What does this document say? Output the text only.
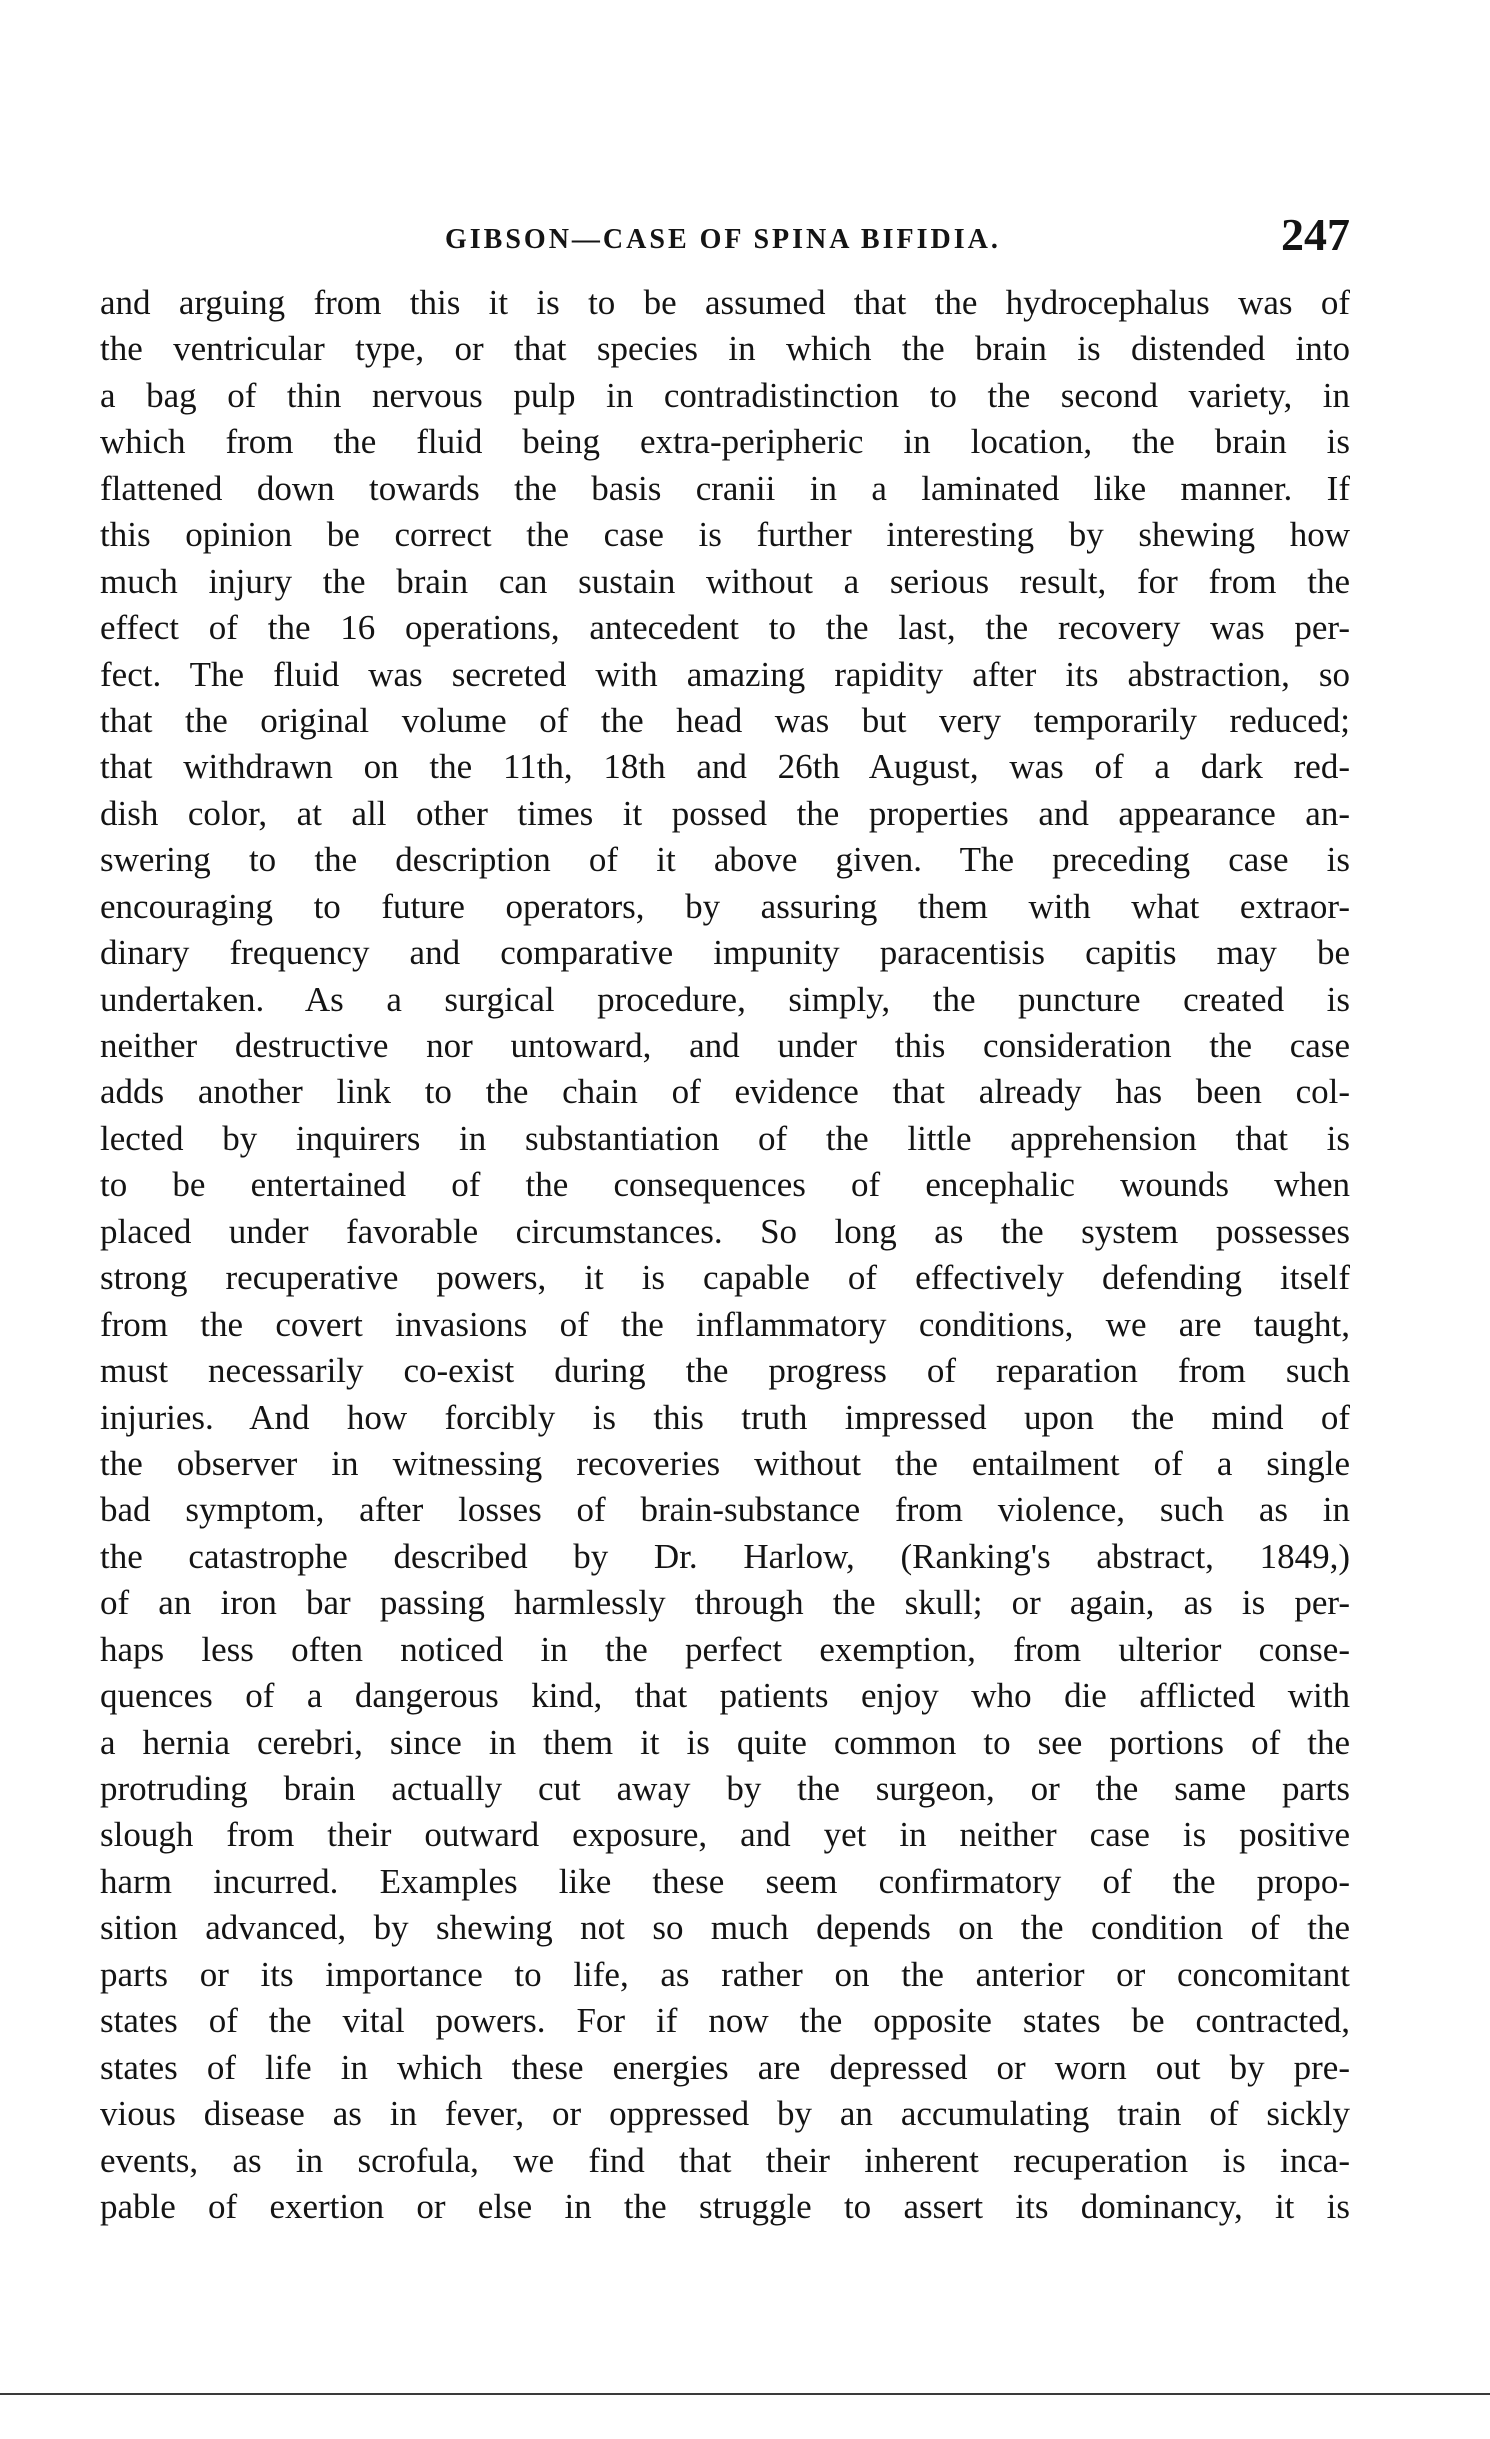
GIBSON—CASE OF SPINA BIFIDIA.	247
and arguing from this it is to be assumed that the hydrocephalus was of
the ventricular type, or that species in which the brain is distended into
a bag of thin nervous pulp in contradistinction to the second variety, in
which from the fluid being extra-peripheric in location, the brain is
flattened down towards the basis cranii in a laminated like manner. If
this opinion be correct the case is further interesting by shewing how
much injury the brain can sustain without a serious result, for from the
effect of the 16 operations, antecedent to the last, the recovery was per-
fect. The fluid was secreted with amazing rapidity after its abstraction, so
that the original volume of the head was but very temporarily reduced;
that withdrawn on the 11th, 18th and 26th August, was of a dark red-
dish color, at all other times it possed the properties and appearance an-
swering to the description of it above given. The preceding case is
encouraging to future operators, by assuring them with what extraor-
dinary frequency and comparative impunity paracentisis capitis may be
undertaken. As a surgical procedure, simply, the puncture created is
neither destructive nor untoward, and under this consideration the case
adds another link to the chain of evidence that already has been col-
lected by inquirers in substantiation of the little apprehension that is
to be entertained of the consequences of encephalic wounds when
placed under favorable circumstances. So long as the system possesses
strong recuperative powers, it is capable of effectively defending itself
from the covert invasions of the inflammatory conditions, we are taught,
must necessarily co-exist during the progress of reparation from such
injuries. And how forcibly is this truth impressed upon the mind of
the observer in witnessing recoveries without the entailment of a single
bad symptom, after losses of brain-substance from violence, such as in
the catastrophe described by Dr. Harlow, (Ranking's abstract, 1849,)
of an iron bar passing harmlessly through the skull; or again, as is per-
haps less often noticed in the perfect exemption, from ulterior conse-
quences of a dangerous kind, that patients enjoy who die afflicted with
a hernia cerebri, since in them it is quite common to see portions of the
protruding brain actually cut away by the surgeon, or the same parts
slough from their outward exposure, and yet in neither case is positive
harm incurred. Examples like these seem confirmatory of the propo-
sition advanced, by shewing not so much depends on the condition of the
parts or its importance to life, as rather on the anterior or concomitant
states of the vital powers. For if now the opposite states be contracted,
states of life in which these energies are depressed or worn out by pre-
vious disease as in fever, or oppressed by an accumulating train of sickly
events, as in scrofula, we find that their inherent recuperation is inca-
pable of exertion or else in the struggle to assert its dominancy, it is
